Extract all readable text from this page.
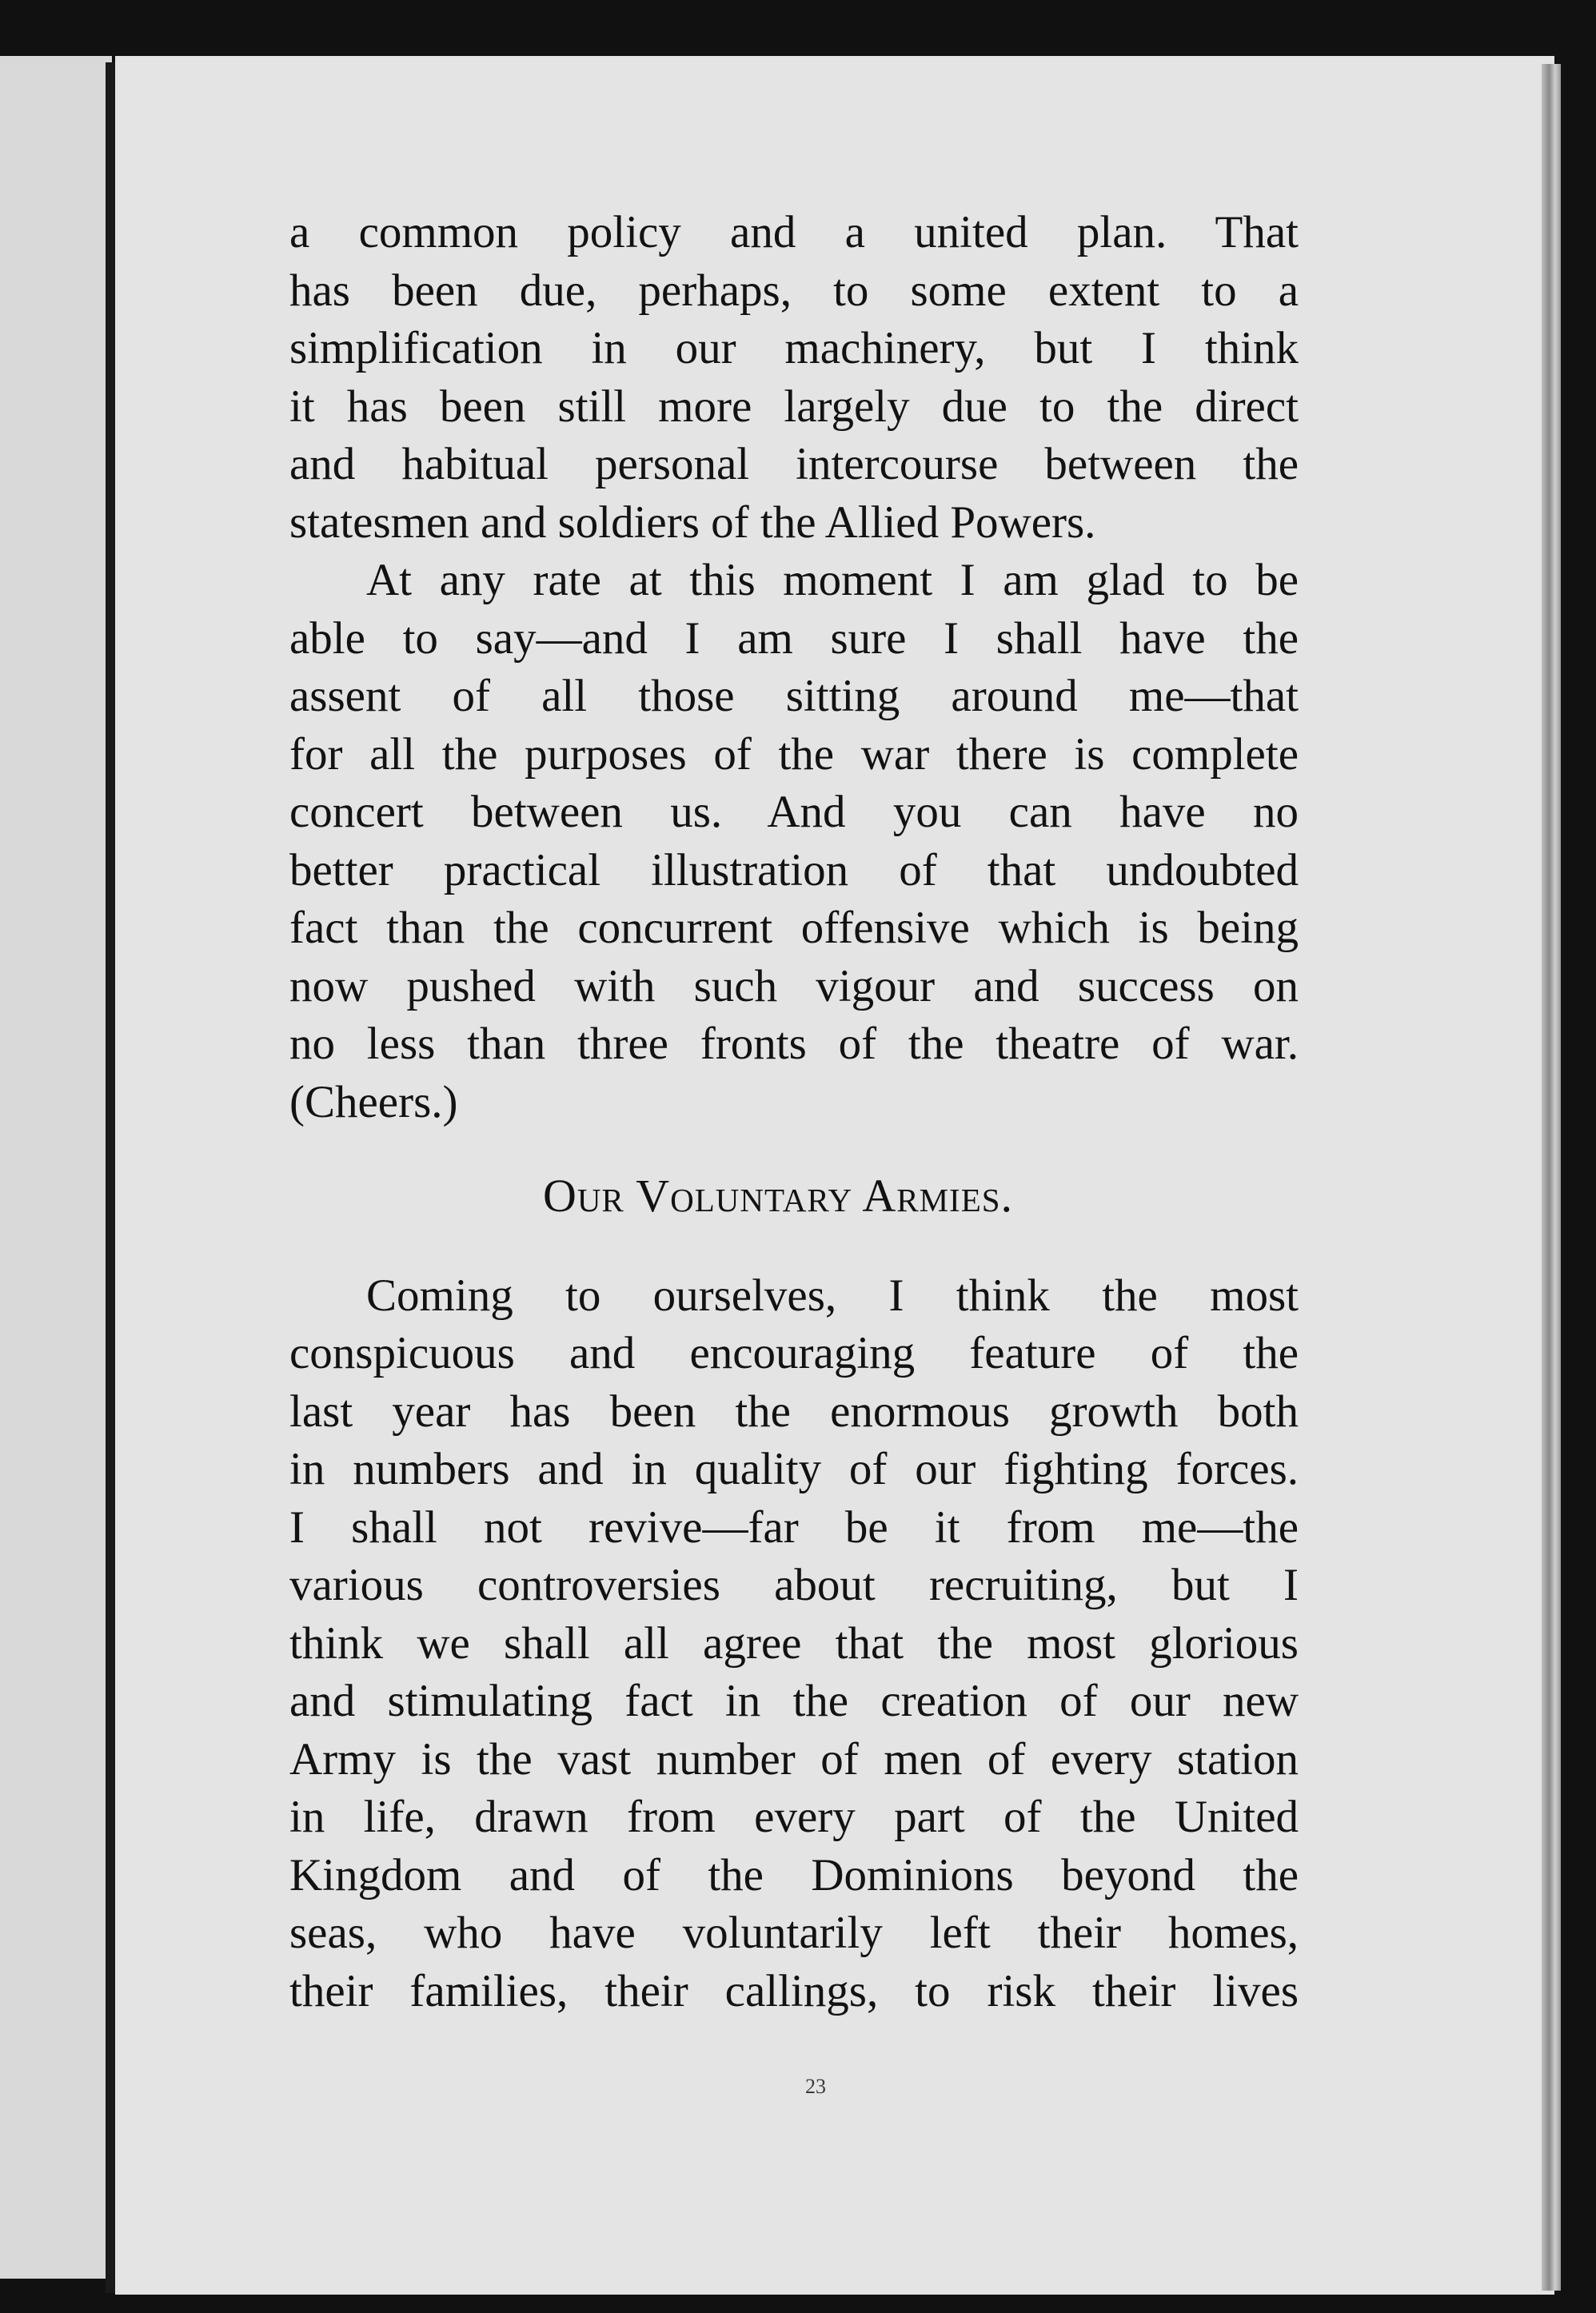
a common policy and a united plan. That
has been due, perhaps, to some extent to a
simplification in our machinery, but I think
it has been still more largely due to the direct
and habitual personal intercourse between the
statesmen and soldiers of the Allied Powers.
At any rate at this moment I am glad to be
able to say—and I am sure I shall have the
assent of all those sitting around me—that
for all the purposes of the war there is complete
concert between us. And you can have no
better practical illustration of that undoubted
fact than the concurrent offensive which is being
now pushed with such vigour and success on
no less than three fronts of the theatre of war.
(Cheers.)
Our Voluntary Armies.
Coming to ourselves, I think the most
conspicuous and encouraging feature of the
last year has been the enormous growth both
in numbers and in quality of our fighting forces.
I shall not revive—far be it from me—the
various controversies about recruiting, but I
think we shall all agree that the most glorious
and stimulating fact in the creation of our new
Army is the vast number of men of every station
in life, drawn from every part of the United
Kingdom and of the Dominions beyond the
seas, who have voluntarily left their homes,
their families, their callings, to risk their lives
23
